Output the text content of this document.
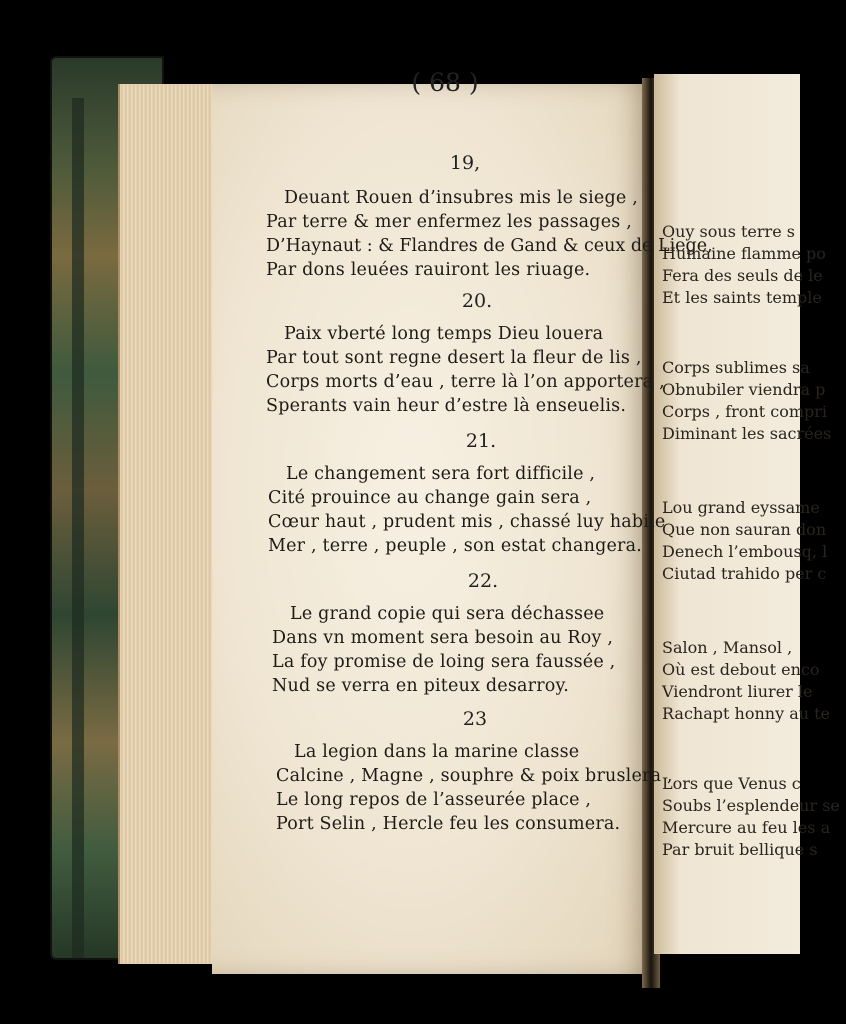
Ouy sous terre s
Humaine flamme po
Fera des seuls de le
Et les saints temple
Corps sublimes sa
Obnubiler viendra p
Corps , front compri
Diminant les sacrées
Lou grand eyssame
Que non sauran don
Denech l’embousq, l
Ciutad trahido per c
Salon , Mansol ,
Où est debout enco
Viendront liurer le
Rachapt honny au te
Lors que Venus c
Soubs l’esplendeur se
Mercure au feu les a
Par bruit bellique s
( 68 )
19,
Deuant Rouen d’insubres mis le siege ,
Par terre & mer enfermez les passages ,
D’Haynaut : & Flandres de Gand & ceux de Liege,
Par dons leuées rauiront les riuage.
20.
Paix vberté long temps Dieu louera
Par tout sont regne desert la fleur de lis ,
Corps morts d’eau , terre là l’on apportera ,
Sperants vain heur d’estre là enseuelis.
21.
Le changement sera fort difficile ,
Cité prouince au change gain sera ,
Cœur haut , prudent mis , chassé luy habile
Mer , terre , peuple , son estat changera.
22.
Le grand copie qui sera déchassee
Dans vn moment sera besoin au Roy ,
La foy promise de loing sera faussée ,
Nud se verra en piteux desarroy.
23
La legion dans la marine classe
Calcine , Magne , souphre & poix bruslera ,
Le long repos de l’asseurée place ,
Port Selin , Hercle feu les consumera.
